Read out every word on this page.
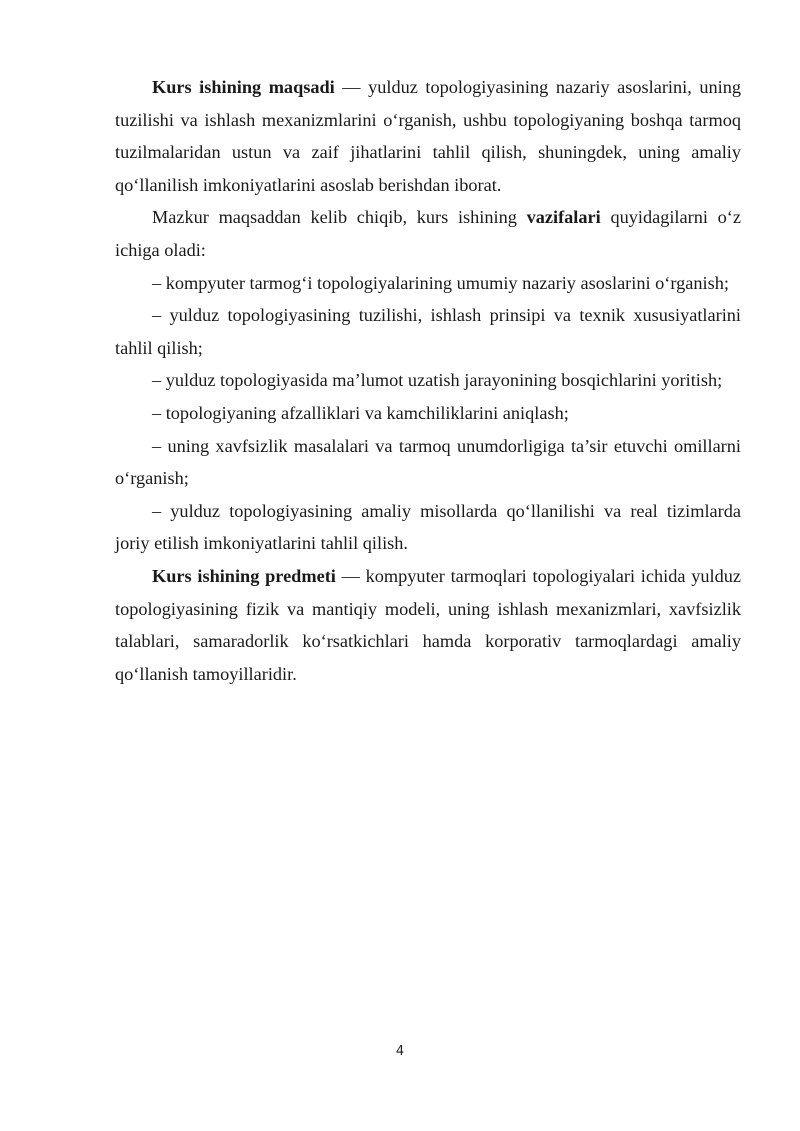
Kurs ishining maqsadi — yulduz topologiyasining nazariy asoslarini, uning tuzilishi va ishlash mexanizmlarini o‘rganish, ushbu topologiyaning boshqa tarmoq tuzilmalaridan ustun va zaif jihatlarini tahlil qilish, shuningdek, uning amaliy qo‘llanilish imkoniyatlarini asoslab berishdan iborat.

Mazkur maqsaddan kelib chiqib, kurs ishining vazifalari quyidagilarni o‘z ichiga oladi:

– kompyuter tarmog‘i topologiyalarining umumiy nazariy asoslarini o‘rganish;

– yulduz topologiyasining tuzilishi, ishlash prinsipi va texnik xususiyatlarini tahlil qilish;

– yulduz topologiyasida ma’lumot uzatish jarayonining bosqichlarini yoritish;

– topologiyaning afzalliklari va kamchiliklarini aniqlash;

– uning xavfsizlik masalalari va tarmoq unumdorligiga ta’sir etuvchi omillarni o‘rganish;

– yulduz topologiyasining amaliy misollarda qo‘llanilishi va real tizimlarda joriy etilish imkoniyatlarini tahlil qilish.

Kurs ishining predmeti — kompyuter tarmoqlari topologiyalari ichida yulduz topologiyasining fizik va mantiqiy modeli, uning ishlash mexanizmlari, xavfsizlik talablari, samaradorlik ko‘rsatkichlari hamda korporativ tarmoqlardagi amaliy qo‘llanish tamoyillaridir.

4
